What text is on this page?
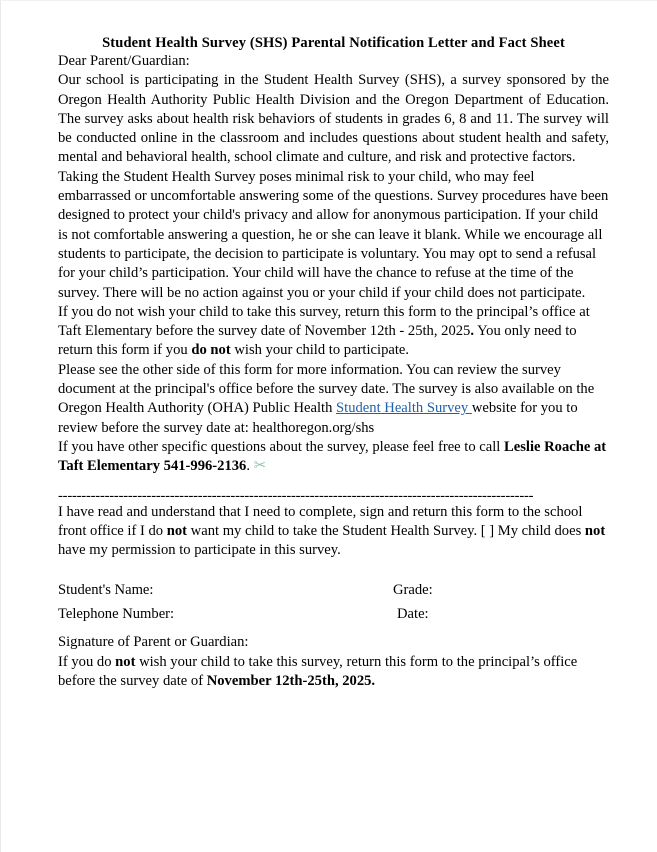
Student Health Survey (SHS) Parental Notification Letter and Fact Sheet

Dear Parent/Guardian:

Our school is participating in the Student Health Survey (SHS), a survey sponsored by the Oregon Health Authority Public Health Division and the Oregon Department of Education. The survey asks about health risk behaviors of students in grades 6, 8 and 11. The survey will be conducted online in the classroom and includes questions about student health and safety, mental and behavioral health, school climate and culture, and risk and protective factors.

Taking the Student Health Survey poses minimal risk to your child, who may feel embarrassed or uncomfortable answering some of the questions. Survey procedures have been designed to protect your child's privacy and allow for anonymous participation. If your child is not comfortable answering a question, he or she can leave it blank. While we encourage all students to participate, the decision to participate is voluntary. You may opt to send a refusal for your child’s participation. Your child will have the chance to refuse at the time of the survey. There will be no action against you or your child if your child does not participate.

If you do not wish your child to take this survey, return this form to the principal’s office at Taft Elementary before the survey date of November 12th - 25th, 2025. You only need to return this form if you do not wish your child to participate.

Please see the other side of this form for more information. You can review the survey document at the principal's office before the survey date. The survey is also available on the Oregon Health Authority (OHA) Public Health Student Health Survey website for you to review before the survey date at: healthoregon.org/shs

If you have other specific questions about the survey, please feel free to call Leslie Roache at Taft Elementary 541-996-2136. ✂

------------------------------------------------------------------------------------------------------

I have read and understand that I need to complete, sign and return this form to the school front office if I do not want my child to take the Student Health Survey. [ ] My child does not have my permission to participate in this survey.

Student's Name:	Grade:
Telephone Number:	Date:
Signature of Parent or Guardian:

If you do not wish your child to take this survey, return this form to the principal’s office before the survey date of November 12th-25th, 2025.
